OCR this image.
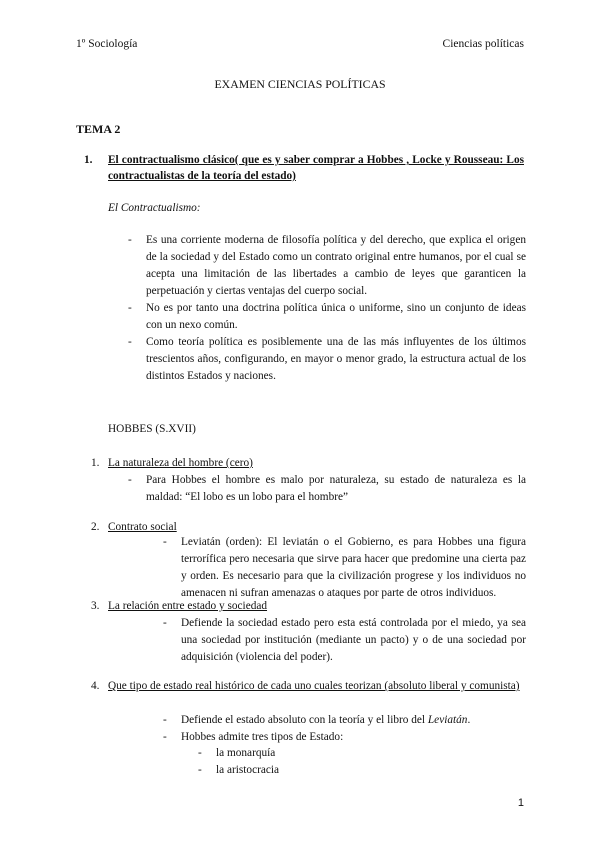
1º Sociología	Ciencias políticas
EXAMEN CIENCIAS POLÍTICAS
TEMA 2
1. El contractualismo clásico( que es y saber comprar a Hobbes , Locke y Rousseau: Los contractualistas de la teoría del estado)
El Contractualismo:
- Es una corriente moderna de filosofía política y del derecho, que explica el origen de la sociedad y del Estado como un contrato original entre humanos, por el cual se acepta una limitación de las libertades a cambio de leyes que garanticen la perpetuación y ciertas ventajas del cuerpo social.
- No es por tanto una doctrina política única o uniforme, sino un conjunto de ideas con un nexo común.
- Como teoría política es posiblemente una de las más influyentes de los últimos trescientos años, configurando, en mayor o menor grado, la estructura actual de los distintos Estados y naciones.
HOBBES (S.XVII)
1. La naturaleza del hombre (cero)
- Para Hobbes el hombre es malo por naturaleza, su estado de naturaleza es la maldad: “El lobo es un lobo para el hombre”
2. Contrato social
- Leviatán (orden): El leviatán o el Gobierno, es para Hobbes una figura terrorífica pero necesaria que sirve para hacer que predomine una cierta paz y orden. Es necesario para que la civilización progrese y los individuos no amenacen ni sufran amenazas o ataques por parte de otros individuos.
3. La relación entre estado y sociedad
- Defiende la sociedad estado pero esta está controlada por el miedo, ya sea una sociedad por institución (mediante un pacto) y o de una sociedad por adquisición (violencia del poder).
4. Que tipo de estado real histórico de cada uno cuales teorizan (absoluto liberal y comunista)
- Defiende el estado absoluto con la teoría y el libro del Leviatán.
- Hobbes admite tres tipos de Estado:
- la monarquía
- la aristocracia
1
